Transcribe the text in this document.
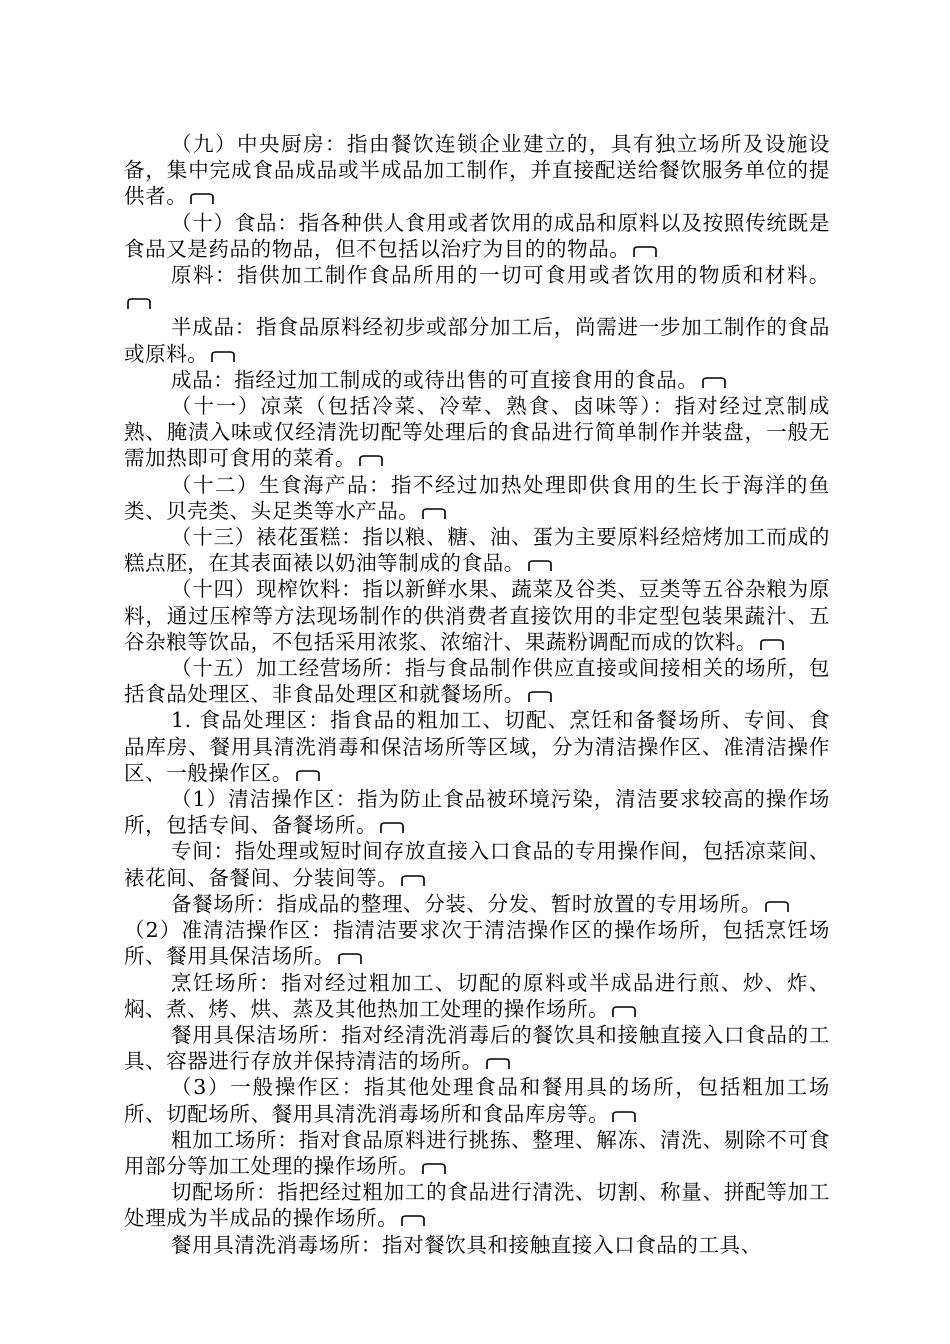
（九）中央厨房：指由餐饮连锁企业建立的，具有独立场所及设施设备，集中完成食品成品或半成品加工制作，并直接配送给餐饮服务单位的提供者。

（十）食品：指各种供人食用或者饮用的成品和原料以及按照传统既是食品又是药品的物品，但不包括以治疗为目的的物品。

原料：指供加工制作食品所用的一切可食用或者饮用的物质和材料。

半成品：指食品原料经初步或部分加工后，尚需进一步加工制作的食品或原料。

成品：指经过加工制成的或待出售的可直接食用的食品。

（十一）凉菜（包括冷菜、冷荤、熟食、卤味等）：指对经过烹制成熟、腌渍入味或仅经清洗切配等处理后的食品进行简单制作并装盘，一般无需加热即可食用的菜肴。

（十二）生食海产品：指不经过加热处理即供食用的生长于海洋的鱼类、贝壳类、头足类等水产品。

（十三）裱花蛋糕：指以粮、糖、油、蛋为主要原料经焙烤加工而成的糕点胚，在其表面裱以奶油等制成的食品。

（十四）现榨饮料：指以新鲜水果、蔬菜及谷类、豆类等五谷杂粮为原料，通过压榨等方法现场制作的供消费者直接饮用的非定型包装果蔬汁、五谷杂粮等饮品，不包括采用浓浆、浓缩汁、果蔬粉调配而成的饮料。

（十五）加工经营场所：指与食品制作供应直接或间接相关的场所，包括食品处理区、非食品处理区和就餐场所。

1. 食品处理区：指食品的粗加工、切配、烹饪和备餐场所、专间、食品库房、餐用具清洗消毒和保洁场所等区域，分为清洁操作区、准清洁操作区、一般操作区。

（1）清洁操作区：指为防止食品被环境污染，清洁要求较高的操作场所，包括专间、备餐场所。

专间：指处理或短时间存放直接入口食品的专用操作间，包括凉菜间、裱花间、备餐间、分装间等。

备餐场所：指成品的整理、分装、分发、暂时放置的专用场所。

（2）准清洁操作区：指清洁要求次于清洁操作区的操作场所，包括烹饪场所、餐用具保洁场所。

烹饪场所：指对经过粗加工、切配的原料或半成品进行煎、炒、炸、焖、煮、烤、烘、蒸及其他热加工处理的操作场所。

餐用具保洁场所：指对经清洗消毒后的餐饮具和接触直接入口食品的工具、容器进行存放并保持清洁的场所。

（3）一般操作区：指其他处理食品和餐用具的场所，包括粗加工场所、切配场所、餐用具清洗消毒场所和食品库房等。

粗加工场所：指对食品原料进行挑拣、整理、解冻、清洗、剔除不可食用部分等加工处理的操作场所。

切配场所：指把经过粗加工的食品进行清洗、切割、称量、拼配等加工处理成为半成品的操作场所。

餐用具清洗消毒场所：指对餐饮具和接触直接入口食品的工具、
